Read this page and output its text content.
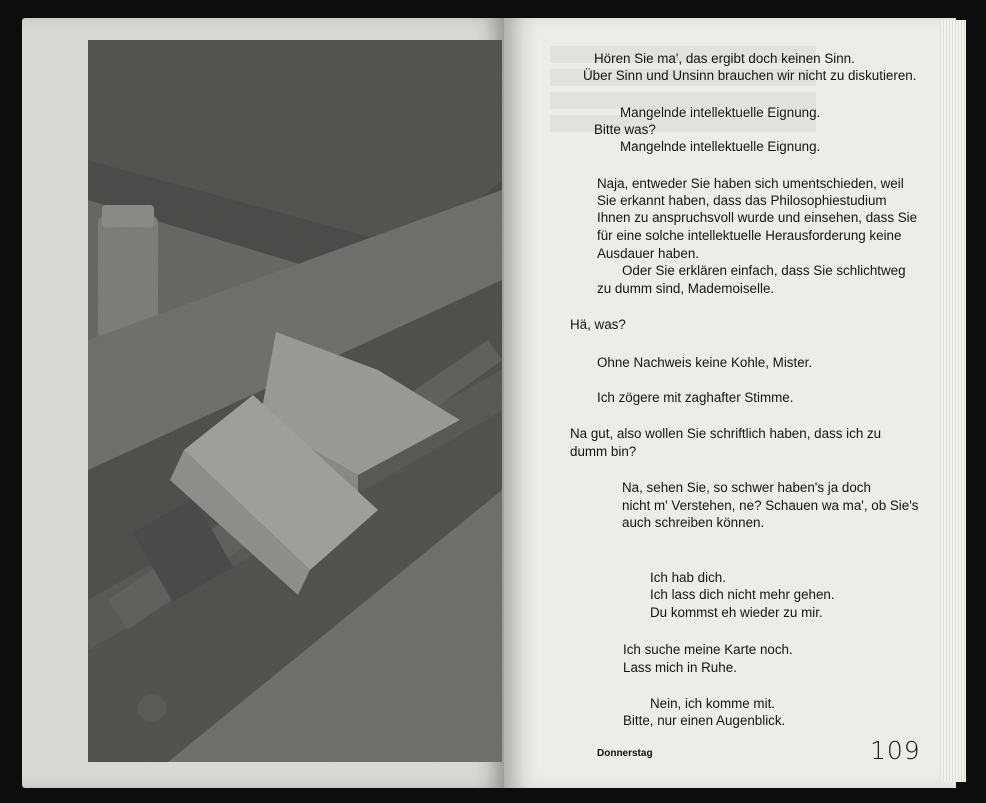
Hören Sie ma', das ergibt doch keinen Sinn.
Über Sinn und Unsinn brauchen wir nicht zu diskutieren.
Mangelnde intellektuelle Eignung.
Bitte was?
Mangelnde intellektuelle Eignung.
Naja, entweder Sie haben sich umentschieden, weil
Sie erkannt haben, dass das Philosophiestudium
Ihnen zu anspruchsvoll wurde und einsehen, dass Sie
für eine solche intellektuelle Herausforderung keine
Ausdauer haben.
Oder Sie erklären einfach, dass Sie schlichtweg
zu dumm sind, Mademoiselle.
Hä, was?
Ohne Nachweis keine Kohle, Mister.
Ich zögere mit zaghafter Stimme.
Na gut, also wollen Sie schriftlich haben, dass ich zu
dumm bin?
Na, sehen Sie, so schwer haben's ja doch
nicht m' Verstehen, ne? Schauen wa ma', ob Sie's
auch schreiben können.
Ich hab dich.
Ich lass dich nicht mehr gehen.
Du kommst eh wieder zu mir.
Ich suche meine Karte noch.
Lass mich in Ruhe.
Nein, ich komme mit.
Bitte, nur einen Augenblick.
Donnerstag	109
